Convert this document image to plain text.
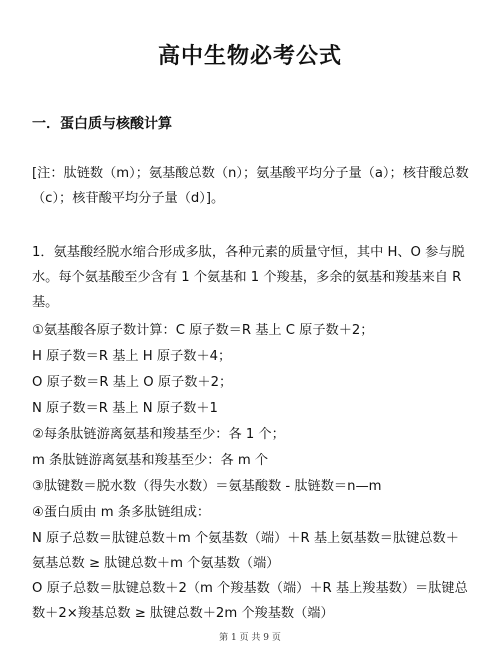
高中生物必考公式
一．蛋白质与核酸计算
[注：肽链数（m）；氨基酸总数（n）；氨基酸平均分子量（a）；核苷酸总数（c）；核苷酸平均分子量（d）]。
1．氨基酸经脱水缩合形成多肽，各种元素的质量守恒，其中 H、O 参与脱水。每个氨基酸至少含有 1 个氨基和 1 个羧基，多余的氨基和羧基来自 R 基。
①氨基酸各原子数计算：C 原子数＝R 基上 C 原子数＋2；
H 原子数＝R 基上 H 原子数＋4；
O 原子数＝R 基上 O 原子数＋2；
N 原子数＝R 基上 N 原子数＋1
②每条肽链游离氨基和羧基至少：各 1 个；
m 条肽链游离氨基和羧基至少：各 m 个
③肽键数＝脱水数（得失水数）＝氨基酸数 - 肽链数＝n—m
④蛋白质由 m 条多肽链组成：
N 原子总数＝肽键总数＋m 个氨基数（端）＋R 基上氨基数＝肽键总数＋氨基总数 ≥ 肽键总数＋m 个氨基数（端）
O 原子总数＝肽键总数＋2（m 个羧基数（端）＋R 基上羧基数）＝肽键总数＋2×羧基总数 ≥ 肽键总数＋2m 个羧基数（端）
第 1 页 共 9 页
